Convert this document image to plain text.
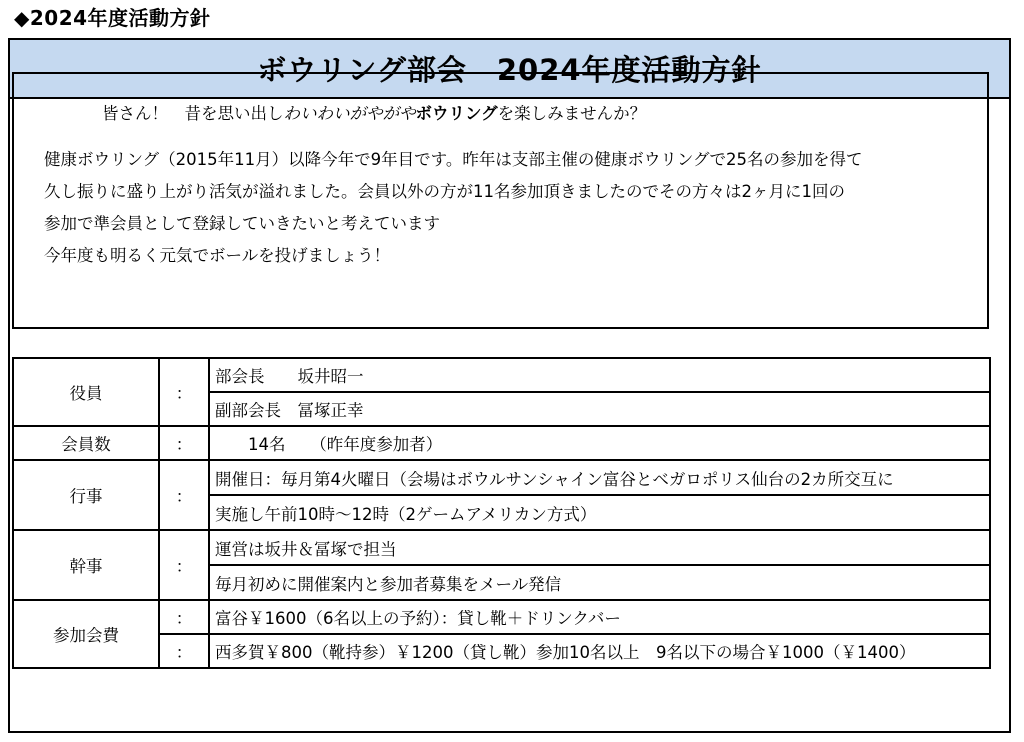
◆2024年度活動方針
ボウリング部会　2024年度活動方針
皆さん！　昔を思い出しわいわいがやがやボウリングを楽しみませんか？
健康ボウリング（2015年11月）以降今年で9年目です。昨年は支部主催の健康ボウリングで25名の参加を得て
久し振りに盛り上がり活気が溢れました。会員以外の方が11名参加頂きましたのでその方々は2ヶ月に1回の
参加で準会員として登録していきたいと考えています
今年度も明るく元気でボールを投げましょう！
役員	：	部会長　　坂井昭一
		副部会長　冨塚正幸
会員数	：	　　14名　　（昨年度参加者）
行事	：	開催日：毎月第4火曜日（会場はボウルサンシャイン富谷とベガロポリス仙台の2カ所交互に
		実施し午前10時～12時（2ゲームアメリカン方式）
幹事	：	運営は坂井＆冨塚で担当
		毎月初めに開催案内と参加者募集をメール発信
参加会費	：	富谷￥1600（6名以上の予約）：貸し靴＋ドリンクバー
	：	西多賀￥800（靴持参）￥1200（貸し靴）参加10名以上　9名以下の場合￥1000（￥1400）
